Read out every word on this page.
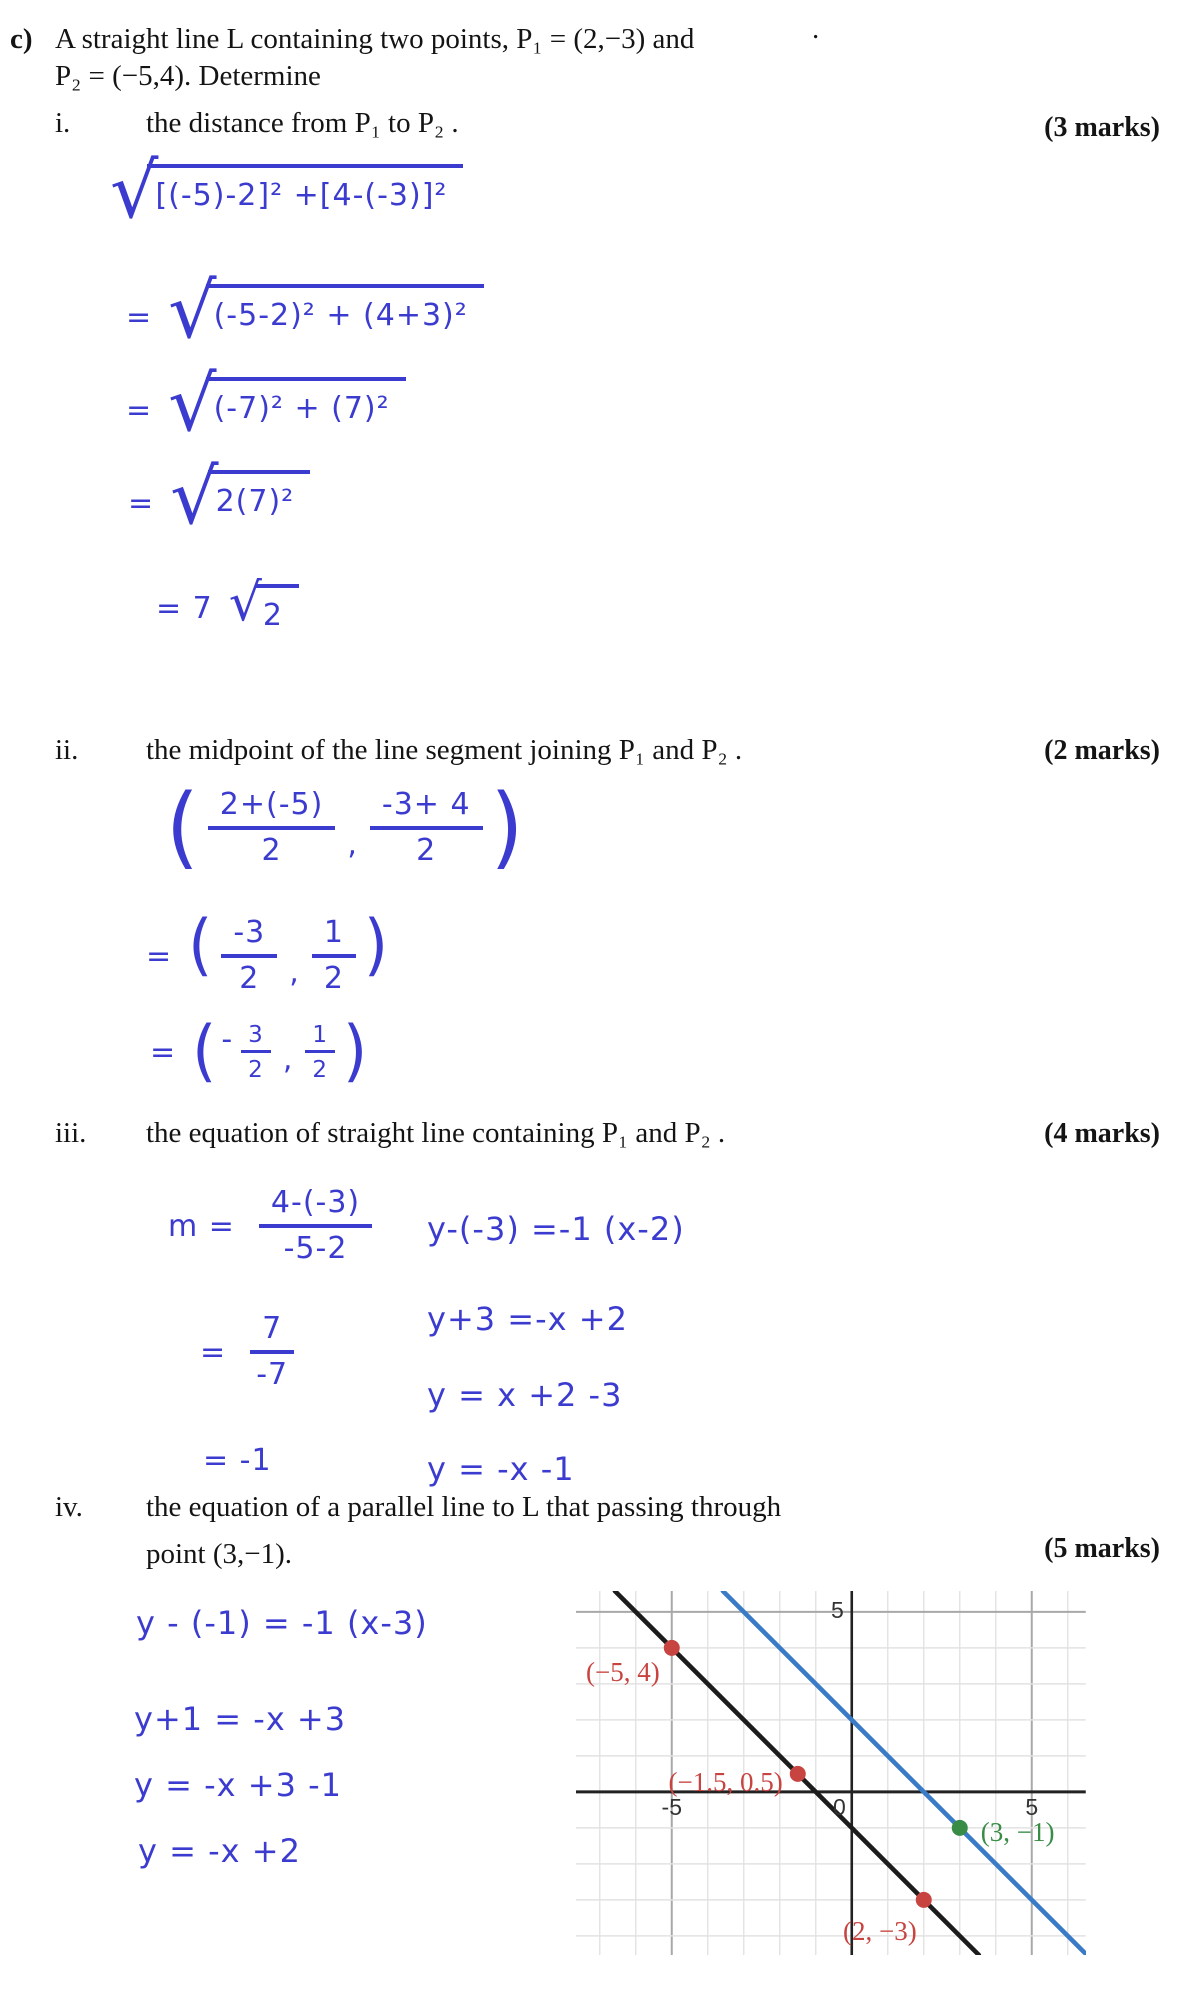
c) A straight line L containing two points, P₁ = (2,−3) and	.
P₂ = (−5,4). Determine
i.	the distance from P₁ to P₂ .	(3 marks)
√
[(-5)-2]² +[4-(-3)]²
= √
(-5-2)² + (4+3)²
= √
(-7)² + (7)²
= √
2(7)²
= 7 √ 2
ii. the midpoint of the line segment joining P₁ and P₂ .	(2 marks)
( $\frac{2+(-5)}{2}$ , $\frac{-3+ 4}{2}$ )
= ( $\frac{-3}{2}$ , $\frac{1}{2}$ )
= ( - $\frac{3}{2}$ , $\frac{1}{2}$ )
iii. the equation of straight line containing P₁ and P₂ .	(4 marks)
$m = \frac{4-(-3)}{-5-2}$
= $\frac{7}{-7}$
= -1
y-(-3) =-1 (x-2)
y+3 =-x +2
y = x +2 -3
y = -x -1
iv. the equation of a parallel line to L that passing through
point (3,−1).	(5 marks)
y - (-1) = -1 (x-3)
y+1 = -x +3
y = -x +3 -1
y = -x +2
-5	0	5
5
(−5, 4)
(−1.5, 0.5)
(2, −3)
(3, −1)
